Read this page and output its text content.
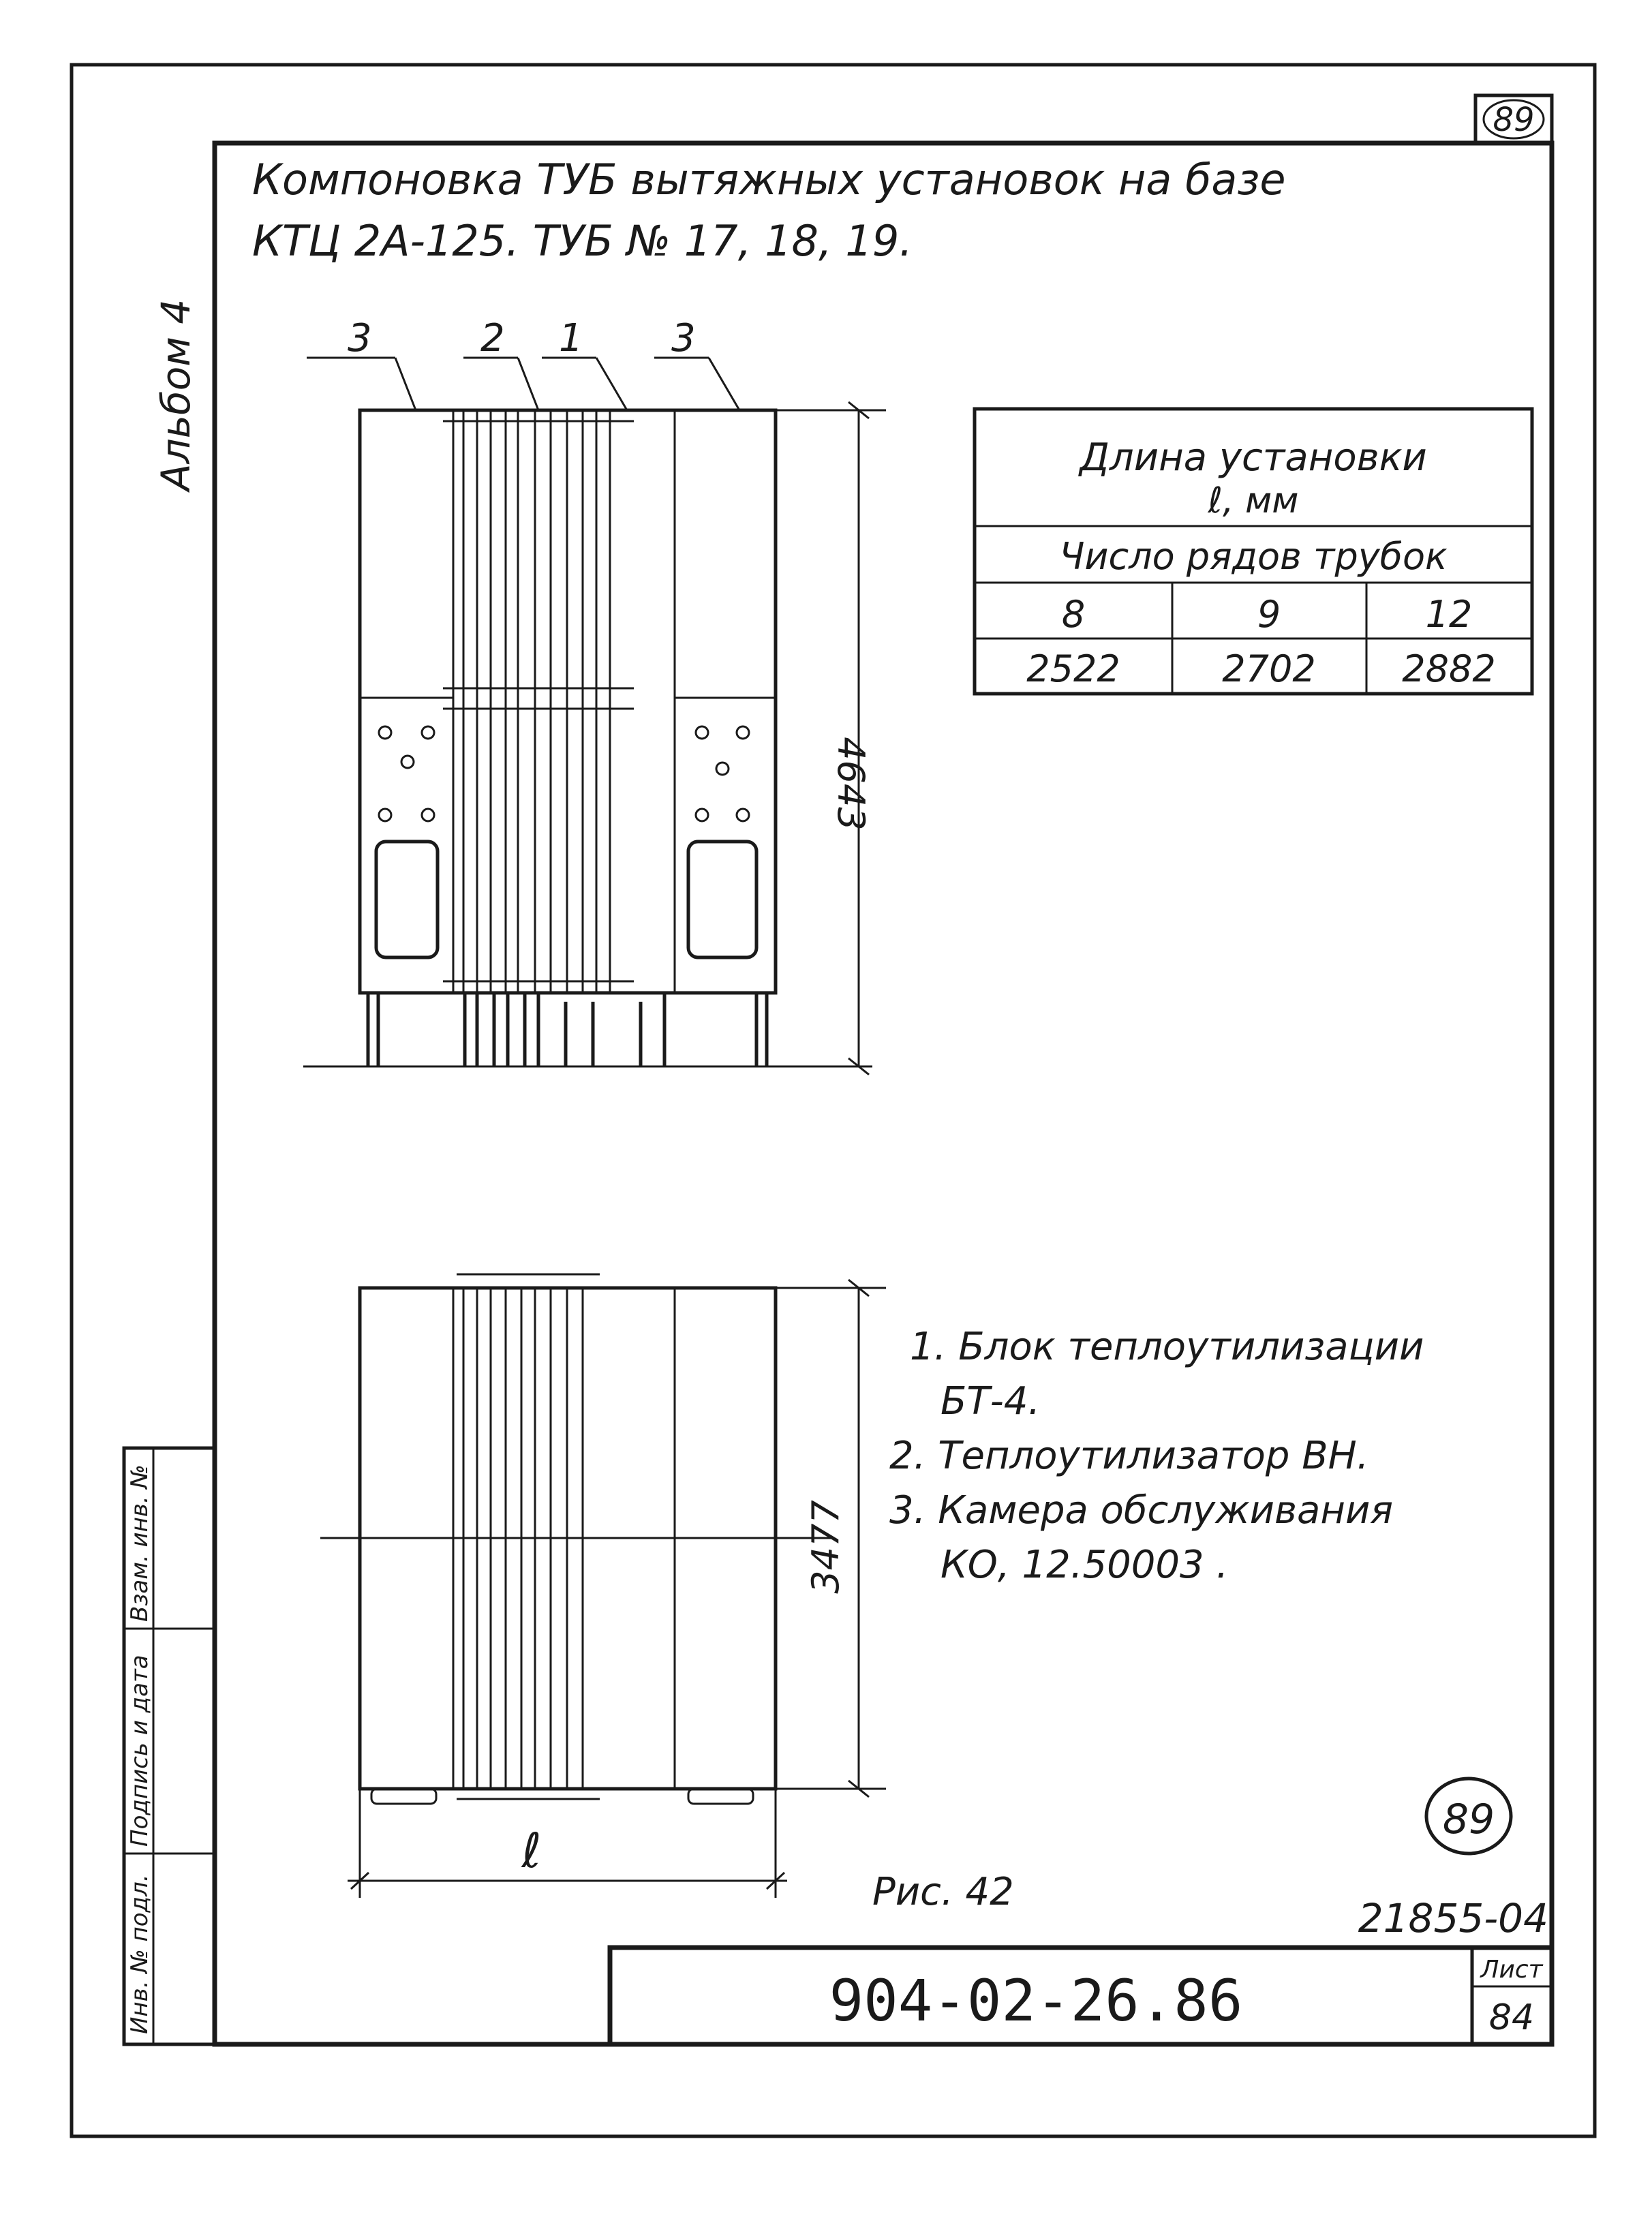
89
Альбом 4
Компоновка ТУБ вытяжных установок на базе
КТЦ 2А-125. ТУБ № 17, 18, 19.
4643
3	2 1 3
Длина установки
ℓ, мм
Число рядов трубок
8	9	12
2522	2702 2882
3477
ℓ
1. Блок теплоутилизации
БТ-4.
2. Теплоутилизатор ВН.
3. Камера обслуживания
КО, 12.50003 .
Рис. 42
89
21855-04
904-02-26.86	Лист
84
Инв. № подл.
Подпись и дата
Взам. инв. №
